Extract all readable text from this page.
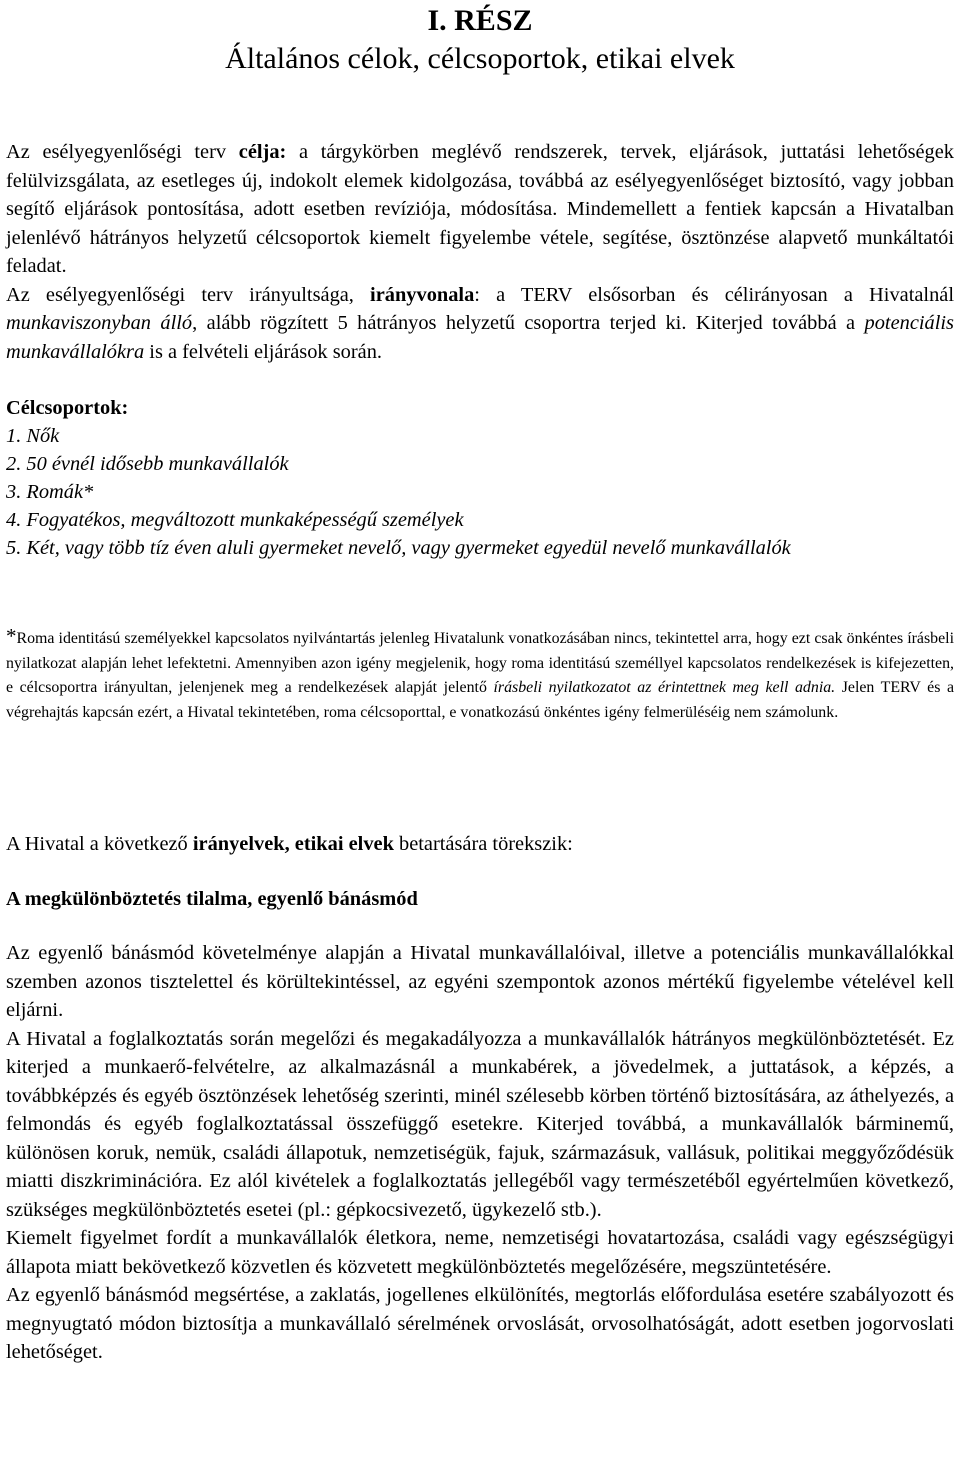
I. RÉSZ
Általános célok, célcsoportok, etikai elvek

Az esélyegyenlőségi terv célja: a tárgykörben meglévő rendszerek, tervek, eljárások, juttatási lehetőségek felülvizsgálata, az esetleges új, indokolt elemek kidolgozása, továbbá az esélyegyenlőséget biztosító, vagy jobban segítő eljárások pontosítása, adott esetben revíziója, módosítása. Mindemellett a fentiek kapcsán a Hivatalban jelenlévő hátrányos helyzetű célcsoportok kiemelt figyelembe vétele, segítése, ösztönzése alapvető munkáltatói feladat.
Az esélyegyenlőségi terv irányultsága, irányvonala: a TERV elsősorban és célirányosan a Hivatalnál munkaviszonyban álló, alább rögzített 5 hátrányos helyzetű csoportra terjed ki. Kiterjed továbbá a potenciális munkavállalókra is a felvételi eljárások során.

Célcsoportok:

1. Nők
2. 50 évnél idősebb munkavállalók
3. Romák*
4. Fogyatékos, megváltozott munkaképességű személyek
5. Két, vagy több tíz éven aluli gyermeket nevelő, vagy gyermeket egyedül nevelő munkavállalók

*Roma identitású személyekkel kapcsolatos nyilvántartás jelenleg Hivatalunk vonatkozásában nincs, tekintettel arra, hogy ezt csak önkéntes írásbeli nyilatkozat alapján lehet lefektetni. Amennyiben azon igény megjelenik, hogy roma identitású személlyel kapcsolatos rendelkezések is kifejezetten, e célcsoportra irányultan, jelenjenek meg a rendelkezések alapját jelentő írásbeli nyilatkozatot az érintettnek meg kell adnia. Jelen TERV és a végrehajtás kapcsán ezért, a Hivatal tekintetében, roma célcsoporttal, e vonatkozású önkéntes igény felmerüléséig nem számolunk.

A Hivatal a következő irányelvek, etikai elvek betartására törekszik:

A megkülönböztetés tilalma, egyenlő bánásmód

Az egyenlő bánásmód követelménye alapján a Hivatal munkavállalóival, illetve a potenciális munkavállalókkal szemben azonos tisztelettel és körültekintéssel, az egyéni szempontok azonos mértékű figyelembe vételével kell eljárni.
A Hivatal a foglalkoztatás során megelőzi és megakadályozza a munkavállalók hátrányos megkülönböztetését. Ez kiterjed a munkaerő-felvételre, az alkalmazásnál a munkabérek, a jövedelmek, a juttatások, a képzés, a továbbképzés és egyéb ösztönzések lehetőség szerinti, minél szélesebb körben történő biztosítására, az áthelyezés, a felmondás és egyéb foglalkoztatással összefüggő esetekre. Kiterjed továbbá, a munkavállalók bárminemű, különösen koruk, nemük, családi állapotuk, nemzetiségük, fajuk, származásuk, vallásuk, politikai meggyőződésük miatti diszkriminációra. Ez alól kivételek a foglalkoztatás jellegéből vagy természetéből egyértelműen következő, szükséges megkülönböztetés esetei (pl.: gépkocsivezető, ügykezelő stb.).
Kiemelt figyelmet fordít a munkavállalók életkora, neme, nemzetiségi hovatartozása, családi vagy egészségügyi állapota miatt bekövetkező közvetlen és közvetett megkülönböztetés megelőzésére, megszüntetésére.
Az egyenlő bánásmód megsértése, a zaklatás, jogellenes elkülönítés, megtorlás előfordulása esetére szabályozott és megnyugtató módon biztosítja a munkavállaló sérelmének orvoslását, orvosolhatóságát, adott esetben jogorvoslati lehetőséget.
